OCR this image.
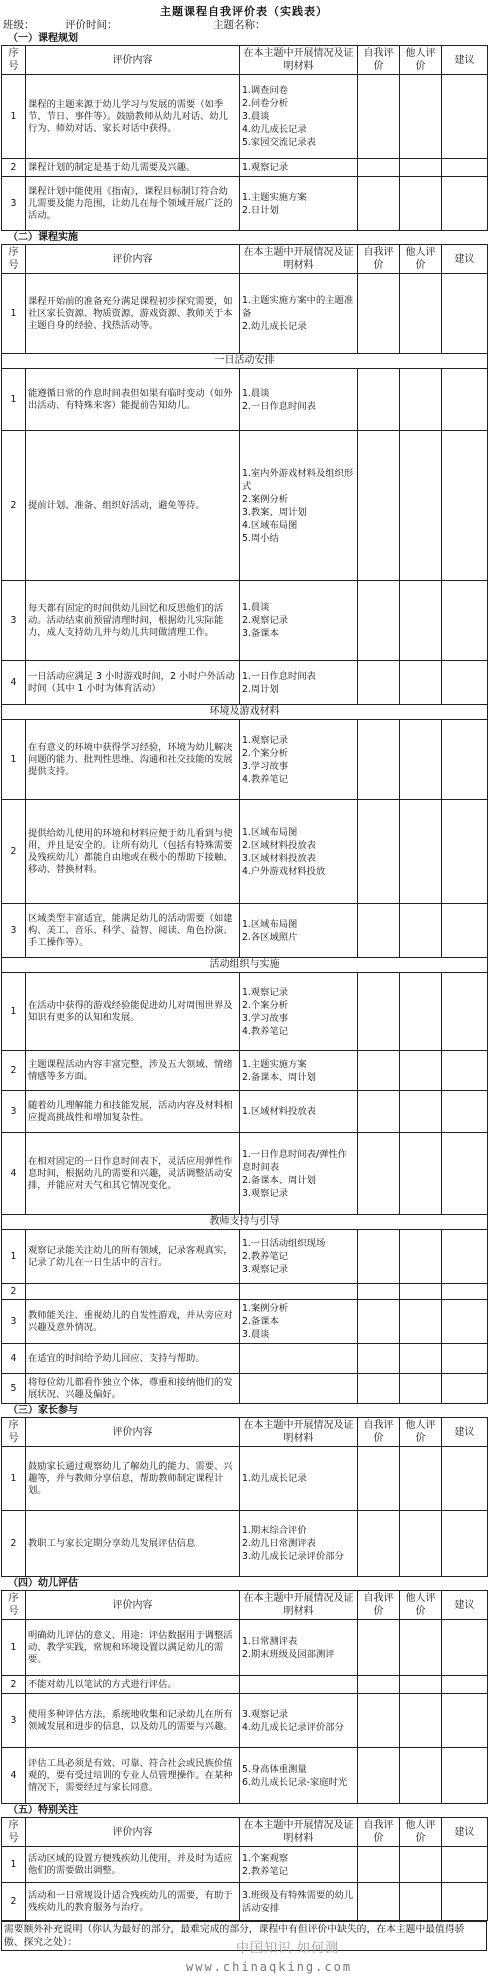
主题课程自我评价表（实践表）
班级：	评价时间：	主题名称：
（一）课程规划
序号	评价内容	在本主题中开展情况及证明材料	自我评价	他人评价	建议
1	课程的主题来源于幼儿学习与发展的需要（如季节、节日、事件等）。鼓励教师从幼儿对话、幼儿行为、师幼对话、家长对话中获得。	1.调查问卷
2.问卷分析
3.晨谈
4.幼儿成长记录
5.家园交流记录表			

2	课程计划的制定是基于幼儿需要及兴趣。	1.观察记录			

3	课程计划中能使用《指南》，课程目标制订符合幼儿需要及能力范围，让幼儿在每个领域开展广泛的活动。	1.主题实施方案
2.日计划			

（二）课程实施
序号	评价内容	在本主题中开展情况及证明材料	自我评价	他人评价	建议
1	课程开始前的准备充分满足课程初步探究需要，如社区家长资源、物质资源、游戏资源、教师关于本主题自身的经验、找热活动等。	1.主题实施方案中的主题准备
2.幼儿成长记录			

一日活动安排					
1	能遵循日常的作息时间表但如果有临时变动（如外出活动、有特殊来客）能提前告知幼儿。	1.晨谈
2.一日作息时间表			

2	提前计划、准备、组织好活动，避免等待。	1.室内外游戏材料及组织形式
2.案例分析
3.教案、周计划
4.区域布局图
5.周小结			

3	每天都有固定的时间供幼儿回忆和反思他们的活动。活动结束前预留清理时间，根据幼儿实际能力，成人支持幼儿并与幼儿共同做清理工作。	1.晨谈
2.观察记录
3.备课本			

4	一日活动应满足 3 小时游戏时间，2 小时户外活动时间（其中 1 小时为体育活动）	1.一日作息时间表
2.周计划			

环境及游戏材料					
1	在有意义的环境中获得学习经验，环境为幼儿解决问题的能力、批判性思维、沟通和社交技能的发展提供支持。	1.观察记录
2.个案分析
3.学习故事
4.教养笔记			

2	提供给幼儿使用的环境和材料应便于幼儿看到与使用，并且是安全的。让所有幼儿（包括有特殊需要及残疾幼儿）都能自由地或在极小的帮助下接触、移动、替换材料。	1.区域布局图
2.区域材料投放表
3.区域材料投放表
4.户外游戏材料投放			

3	区域类型丰富适宜，能满足幼儿的活动需要（如建构、美工、音乐、科学、益智、阅读、角色扮演、手工操作等）。	1.区域布局图
2.各区域照片			

活动组织与实施					
1	在活动中获得的游戏经验能促进幼儿对周围世界及知识有更多的认知和发展。	1.观察记录
2.个案分析
3.学习故事
4.教养笔记			

2	主题课程活动内容丰富完整，涉及五大领域、情绪情感等多方面。	1.主题实施方案
2.备课本、周计划			

3	随着幼儿理解能力和技能发展，活动内容及材料相应提高挑战性和增加复杂性。	1.区域材料投放表			

4	在相对固定的一日作息时间表下，灵活应用弹性作息时间，根据幼儿的需要和兴趣，灵活调整活动安排，并能应对天气和其它情况变化。	1.一日作息时间表/弹性作息时间表
2.备课本、周计划
3.观察记录			

教师支持与引导					
1	观察记录能关注幼儿的所有领域，记录客观真实，记录了幼儿在一日生活中的言行。	1.一日活动组织现场
2.教养笔记
3.观察记录			

2					
3	教师能关注、重视幼儿的自发性游戏，并从旁应对兴趣及意外情况。	1.案例分析
2.备课本
3.晨谈			

4	在适宜的时间给予幼儿回应、支持与帮助。				
5	将每位幼儿都看作独立个体，尊重和接纳他们的发展状况、兴趣及偏好。				
（三）家长参与
序号	评价内容	在本主题中开展情况及证明材料	自我评价	他人评价	建议
1	鼓励家长通过观察幼儿了解幼儿的能力、需要、兴趣等，并与教师分享信息，帮助教师制定课程计划。	1.幼儿成长记录			

2	教职工与家长定期分享幼儿发展评估信息	1.期末综合评价
2.幼儿日常测评表
3.幼儿成长记录评价部分			

（四）幼儿评估
序号	评价内容	在本主题中开展情况及证明材料	自我评价	他人评价	建议
1	明确幼儿评估的意义、用途：评估数据用于调整活动、教学实践，常规和环境设置以满足幼儿的需要。	1.日常测评表
2.期末班级及园部测评			

2	不能对幼儿以笔试的方式进行评估。				
3	使用多种评估方法，系统地收集和记录幼儿在所有领域发展和进步的信息，以及幼儿的需要与兴趣。	3.观察记录
4.幼儿成长记录评价部分			

4	评估工具必须是有效、可靠、符合社会或民族价值观的，要有受过培训的专业人员管理操作。在某种情况下，需要经过与家长同意。	5.身高体重测量
6.幼儿成长记录-家庭时光			

（五）特别关注
序号	评价内容	在本主题中开展情况及证明材料	自我评价	他人评价	建议
1	活动区域的设置方便残疾幼儿使用，并及时为适应他们的需要做出调整。	1.个案观察
2.教养笔记			

2	活动和一日常规设计适合残疾幼儿的需要，有助于残疾幼儿的教育服务与治疗。	3.班级及有特殊需要的幼儿活动安排			

需要额外补充说明（你认为最好的部分，最难完成的部分，课程中有但评价中缺失的，在本主题中最值得骄傲、探究之处）：	中国知识 如何测
www.chinaqking.com
